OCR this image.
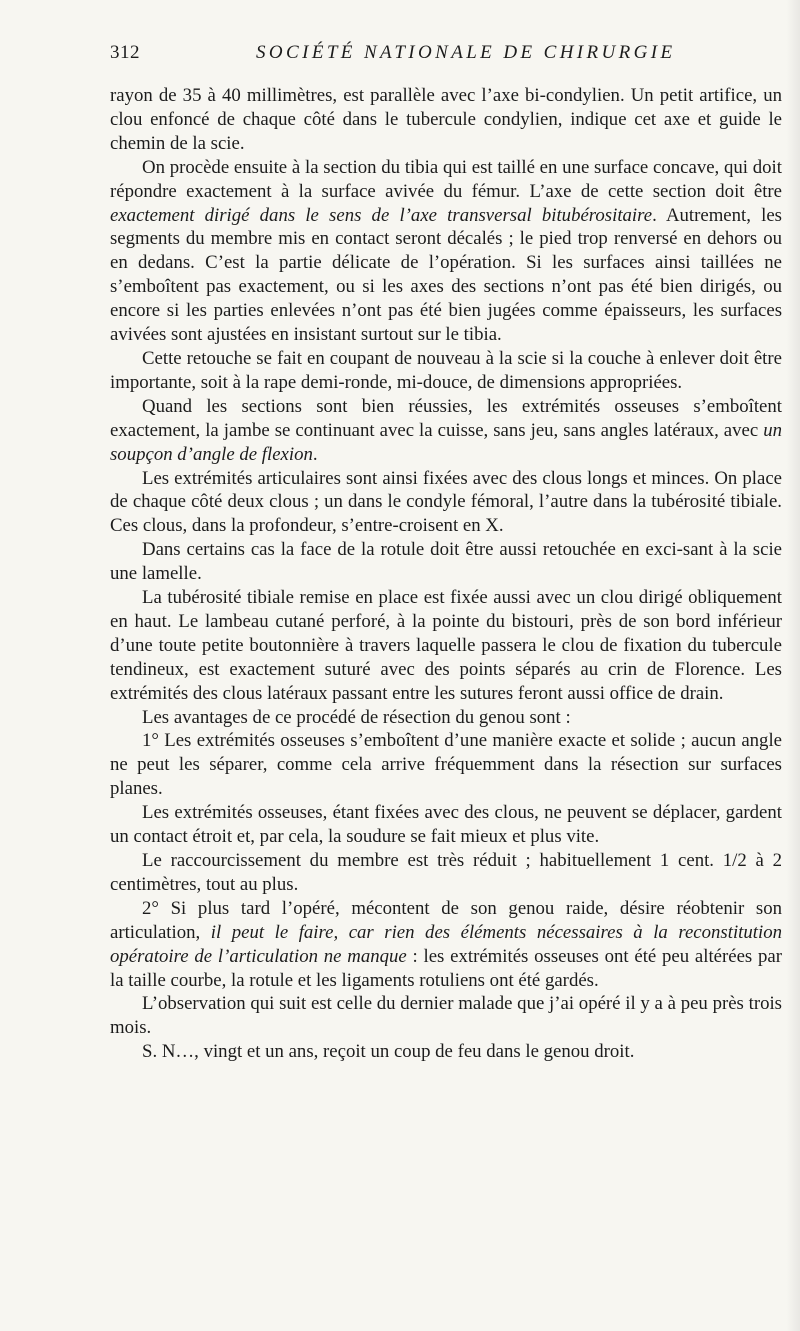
312	SOCIÉTÉ NATIONALE DE CHIRURGIE

rayon de 35 à 40 millimètres, est parallèle avec l’axe bi-condylien. Un petit artifice, un clou enfoncé de chaque côté dans le tubercule condylien, indique cet axe et guide le chemin de la scie.

On procède ensuite à la section du tibia qui est taillé en une surface concave, qui doit répondre exactement à la surface avivée du fémur. L’axe de cette section doit être exactement dirigé dans le sens de l’axe transversal bitubérositaire. Autrement, les segments du membre mis en contact seront décalés ; le pied trop renversé en dehors ou en dedans. C’est la partie délicate de l’opération. Si les surfaces ainsi taillées ne s’emboîtent pas exactement, ou si les axes des sections n’ont pas été bien dirigés, ou encore si les parties enlevées n’ont pas été bien jugées comme épaisseurs, les surfaces avivées sont ajustées en insistant surtout sur le tibia.

Cette retouche se fait en coupant de nouveau à la scie si la couche à enlever doit être importante, soit à la rape demi-ronde, mi-douce, de dimensions appropriées.

Quand les sections sont bien réussies, les extrémités osseuses s’emboîtent exactement, la jambe se continuant avec la cuisse, sans jeu, sans angles latéraux, avec un soupçon d’angle de flexion.

Les extrémités articulaires sont ainsi fixées avec des clous longs et minces. On place de chaque côté deux clous ; un dans le condyle fémoral, l’autre dans la tubérosité tibiale. Ces clous, dans la profondeur, s’entre-croisent en X.

Dans certains cas la face de la rotule doit être aussi retouchée en exci-sant à la scie une lamelle.

La tubérosité tibiale remise en place est fixée aussi avec un clou dirigé obliquement en haut. Le lambeau cutané perforé, à la pointe du bistouri, près de son bord inférieur d’une toute petite boutonnière à travers laquelle passera le clou de fixation du tubercule tendineux, est exactement suturé avec des points séparés au crin de Florence. Les extrémités des clous latéraux passant entre les sutures feront aussi office de drain.

Les avantages de ce procédé de résection du genou sont :

1° Les extrémités osseuses s’emboîtent d’une manière exacte et solide ; aucun angle ne peut les séparer, comme cela arrive fréquemment dans la résection sur surfaces planes.

Les extrémités osseuses, étant fixées avec des clous, ne peuvent se déplacer, gardent un contact étroit et, par cela, la soudure se fait mieux et plus vite.

Le raccourcissement du membre est très réduit ; habituellement 1 cent. 1/2 à 2 centimètres, tout au plus.

2° Si plus tard l’opéré, mécontent de son genou raide, désire réobtenir son articulation, il peut le faire, car rien des éléments nécessaires à la reconstitution opératoire de l’articulation ne manque : les extrémités osseuses ont été peu altérées par la taille courbe, la rotule et les ligaments rotuliens ont été gardés.

L’observation qui suit est celle du dernier malade que j’ai opéré il y a à peu près trois mois.

S. N…, vingt et un ans, reçoit un coup de feu dans le genou droit.
